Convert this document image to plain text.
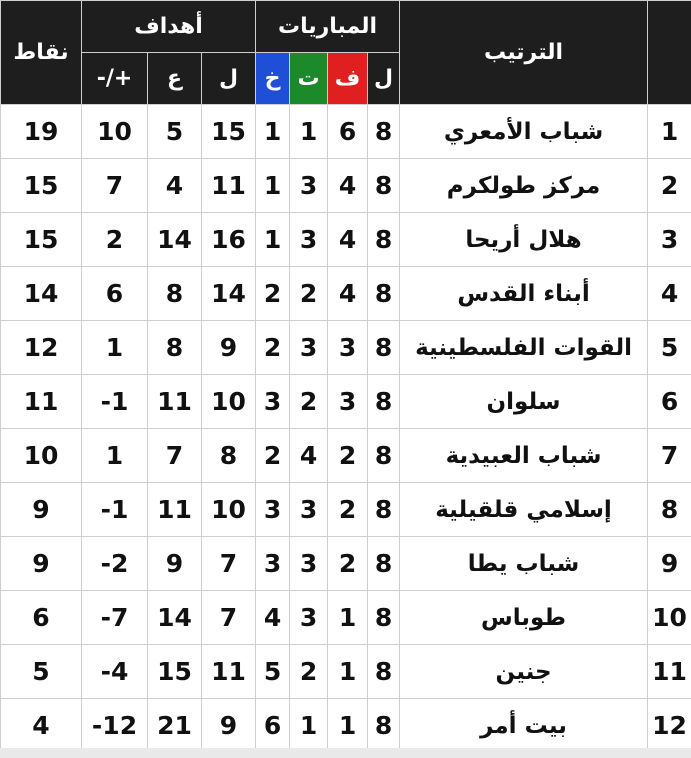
	الترتيب	المباريات				أهداف			نقاط
		ل	ف	ت	خ	ل	ع	+/-	
1	شباب الأمعري	8	6	1	1	15	5	10	19
2	مركز طولكرم	8	4	3	1	11	4	7	15
3	هلال أريحا	8	4	3	1	16	14	2	15
4	أبناء القدس	8	4	2	2	14	8	6	14
5	القوات الفلسطينية	8	3	3	2	9	8	1	12
6	سلوان	8	3	2	3	10	11	1-	11
7	شباب العبيدية	8	2	4	2	8	7	1	10
8	إسلامي قلقيلية	8	2	3	3	10	11	1-	9
9	شباب يطا	8	2	3	3	7	9	2-	9
10	طوباس	8	1	3	4	7	14	7-	6
11	جنين	8	1	2	5	11	15	4-	5
12	بيت أمر	8	1	1	6	9	21	12-	4
